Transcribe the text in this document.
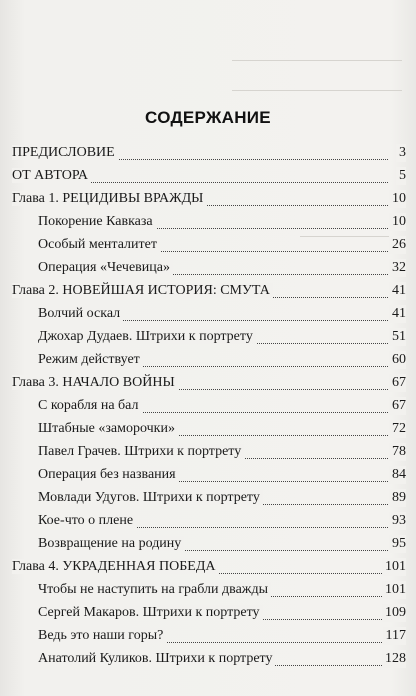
СОДЕРЖАНИЕ
ПРЕДИСЛОВИЕ	3
ОТ АВТОРА	5
Глава 1. РЕЦИДИВЫ ВРАЖДЫ	10
Покорение Кавказа	10
Особый менталитет	26
Операция «Чечевица»	32
Глава 2. НОВЕЙШАЯ ИСТОРИЯ: СМУТА	41
Волчий оскал	41
Джохар Дудаев. Штрихи к портрету	51
Режим действует	60
Глава 3. НАЧАЛО ВОЙНЫ	67
С корабля на бал	67
Штабные «заморочки»	72
Павел Грачев. Штрихи к портрету	78
Операция без названия	84
Мовлади Удугов. Штрихи к портрету	89
Кое-что о плене	93
Возвращение на родину	95
Глава 4. УКРАДЕННАЯ ПОБЕДА	101
Чтобы не наступить на грабли дважды	101
Сергей Макаров. Штрихи к портрету	109
Ведь это наши горы?	117
Анатолий Куликов. Штрихи к портрету	128
